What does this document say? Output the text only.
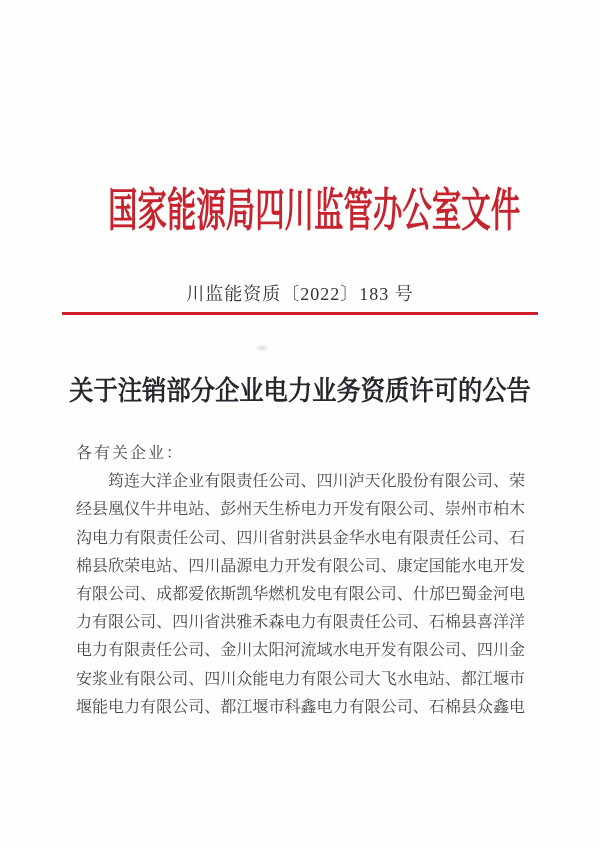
国家能源局四川监管办公室文件
川监能资质〔2022〕183 号
关于注销部分企业电力业务资质许可的公告
各有关企业：
筠连大洋企业有限责任公司、四川泸天化股份有限公司、荣
经县凰仪牛井电站、彭州天生桥电力开发有限公司、崇州市柏木
沟电力有限责任公司、四川省射洪县金华水电有限责任公司、石
棉县欣荣电站、四川晶源电力开发有限公司、康定国能水电开发
有限公司、成都爱依斯凯华燃机发电有限公司、什邡巴蜀金河电
力有限公司、四川省洪雅禾森电力有限责任公司、石棉县喜洋洋
电力有限责任公司、金川太阳河流域水电开发有限公司、四川金
安浆业有限公司、四川众能电力有限公司大飞水电站、都江堰市
堰能电力有限公司、都江堰市科鑫电力有限公司、石棉县众鑫电
